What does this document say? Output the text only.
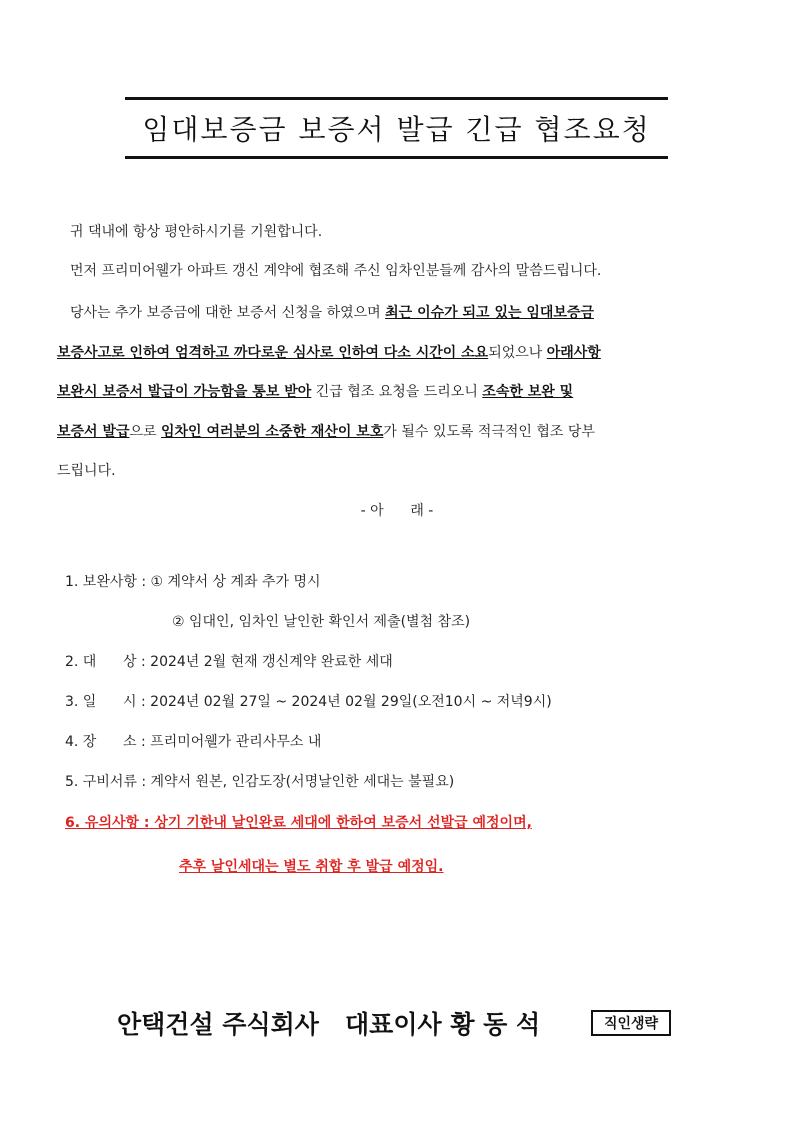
임대보증금 보증서 발급 긴급 협조요청
귀 댁내에 항상 평안하시기를 기원합니다.
먼저 프리미어웰가 아파트 갱신 계약에 협조해 주신 임차인분들께 감사의 말씀드립니다.
당사는 추가 보증금에 대한 보증서 신청을 하였으며 최근 이슈가 되고 있는 임대보증금
보증사고로 인하여 엄격하고 까다로운 심사로 인하여 다소 시간이 소요되었으나 아래사항
보완시 보증서 발급이 가능함을 통보 받아 긴급 협조 요청을 드리오니 조속한 보완 및
보증서 발급으로 임차인 여러분의 소중한 재산이 보호가 될수 있도록 적극적인 협조 당부
드립니다.
- 아      래 -
1. 보완사항 : ① 계약서 상 계좌 추가 명시
② 임대인, 임차인 날인한 확인서 제출(별첨 참조)
2. 대      상 : 2024년 2월 현재 갱신계약 완료한 세대
3. 일      시 : 2024년 02월 27일 ~ 2024년 02월 29일(오전10시 ~ 저녁9시)
4. 장      소 : 프리미어웰가 관리사무소 내
5. 구비서류 : 계약서 원본, 인감도장(서명날인한 세대는 불필요)
6. 유의사항 : 상기 기한내 날인완료 세대에 한하여 보증서 선발급 예정이며,
추후 날인세대는 별도 취합 후 발급 예정임.
안택건설 주식회사   대표이사 황 동 석	직인생략
